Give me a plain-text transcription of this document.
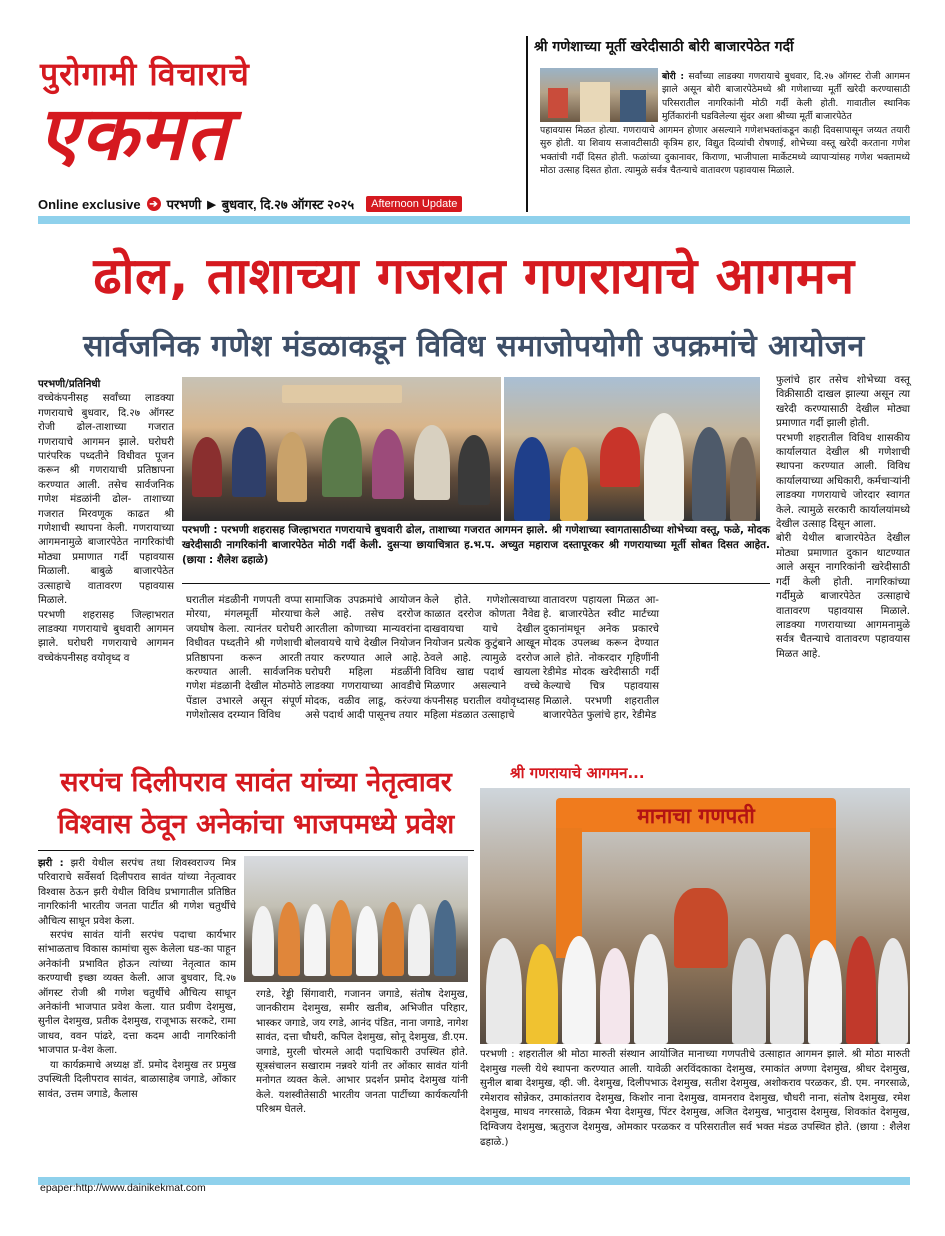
पुरोगामी विचाराचे
एकमत
Online exclusive ➔ परभणी ▶ बुधवार, दि.२७ ऑगस्ट २०२५	Afternoon Update
श्री गणेशाच्या मूर्ती खरेदीसाठी बोरी बाजारपेठेत गर्दी
बोरी : सर्वांच्या लाडक्या गणरायाचे बुधवार, दि.२७ ऑगस्ट रोजी आगमन झाले असून बोरी बाजारपेठेमध्ये श्री गणेशाच्या मूर्ती खरेदी करण्यासाठी परिसरातील नागरिकांनी मोठी गर्दी केली होती. गावातील स्थानिक मुर्तिकारांनी घडविलेल्या सुंदर अशा श्रीच्या मूर्ती बाजारपेठेत
पहावयास मिळत होत्या. गणरायाचे आगमन होणार असल्याने गणेशभक्तांकडून काही दिवसापासून जय्यत तयारी सुरु होती. या शिवाय सजावटीसाठी कृत्रिम हार, विद्युत दिव्यांची रोषणाई, शोभेच्या वस्तू खरेदी करताना गणेश भक्तांची गर्दी दिसत होती. फळांच्या दुकानावर, किराणा, भाजीपाला मार्केटमध्ये व्यापाऱ्यांसह गणेश भक्तामध्ये मोठा उत्साह दिसत होता. त्यामुळे सर्वत्र चैतन्याचे वातावरण पहावयास मिळाले.
ढोल, ताशाच्या गजरात गणरायाचे आगमन
सार्वजनिक गणेश मंडळाकडून विविध समाजोपयोगी उपक्रमांचे आयोजन
परभणी/प्रतिनिधी
वच्चेकंपनीसह सर्वांच्या लाडक्या गणरायाचे बुधवार, दि.२७ ऑगस्ट रोजी ढोल-ताशाच्या गजरात गणरायाचे आगमन झाले. घरोघरी पारंपरिक पध्दतीने विधीवत पूजन करून श्री गणरायाची प्रतिष्ठापना करण्यात आली. तसेच सार्वजनिक गणेश मंडळांनी ढोल- ताशाच्या गजरात मिरवणूक काढत श्री गणेशाची स्थापना केली. गणरायाच्या आगमनामुळे बाजारपेठेत नागरिकांची मोठ्या प्रमाणात गर्दी पहावयास मिळाली. बाबुळे बाजारपेठेत उत्साहाचे वातावरण पहावयास मिळाले.
परभणी शहरासह जिल्हाभरात लाडक्या गणरायाचे बुधवारी आगमन झाले. घरोघरी गणरायाचे आगमन वच्चेकंपनीसह वयोवृध्द व
परभणी : परभणी शहरासह जिल्हाभरात गणरायाचे बुधवारी ढोल, ताशाच्या गजरात आगमन झाले. श्री गणेशाच्या स्वागतासाठीच्या शोभेच्या वस्तू, फळे, मोदक खरेदीसाठी नागरिकांनी बाजारपेठेत मोठी गर्दी केली. दुसऱ्या छायाचित्रात ह.भ.प. अच्युत महाराज दस्तापूरकर श्री गणरायाच्या मूर्ती सोबत दिसत आहेत. (छाया : शैलेश ढहाळे)
घरातील मंडळीनी गणपती वप्पा मोरया, मंगलमूर्ती मोरयाचा जयघोष केला. त्यानंतर घरोघरी विधीवत पध्दतीने श्री गणेशाची प्रतिष्ठापना करून आरती करण्यात आली. सार्वजनिक गणेश मंडळानी देखील मोठमोठे पेंडाल उभारले असून संपूर्ण गणेशोत्सव दरम्यान विविध
सामाजिक उपक्रमांचे आयोजन केले आहे. तसेच दररोज आरतीला कोणाच्या मान्यवरांना बोलवायचे याचे देखील नियोजन तयार करण्यात आले आहे. घरोघरी महिला मंडळींनी लाडक्या गणरायाच्या आवडीचे मोदक, वळीव लाडू, करंज्या असे पदार्थ आदी पासूनच तयार
केले होते. गणेशोत्सवाच्या काळात दररोज कोणता नैवेद्य दाखवायचा याचे देखील नियोजन प्रत्येक कुटुंबाने आखून ठेवले आहे. त्यामुळे दररोज विविध खाद्य पदार्थ खायला मिळणार असल्याने वच्चे कंपनीसह घरातील वयोवृध्दासह महिला मंडळात उत्साहाचे
वातावरण पहायला मिळत आ-हे. बाजारपेठेत स्वीट मार्टच्या दुकानांमधून अनेक प्रकारचे मोदक उपलब्ध करून देण्यात आले होते. नोकरदार गृहिणींनी रेडीमेड मोदक खरेदीसाठी गर्दी केल्याचे चित्र पहावयास मिळाले. परभणी शहरातील बाजारपेठेत फुलांचे हार, रेडीमेड
फुलांचे हार तसेच शोभेच्या वस्तू विक्रीसाठी दाखल झाल्या असून त्या खरेदी करण्यासाठी देखील मोठ्या प्रमाणात गर्दी झाली होती.
परभणी शहरातील विविध शासकीय कार्यालयात देखील श्री गणेशाची स्थापना करण्यात आली. विविध कार्यालयाच्या अधिकारी, कर्मचाऱ्यांनी लाडक्या गणरायाचे जोरदार स्वागत केले. त्यामुळे सरकारी कार्यालयांमध्ये देखील उत्साह दिसून आला.
बोरी येथील बाजारपेठेत देखील मोठ्या प्रमाणात दुकान थाटण्यात आले असून नागरिकांनी खरेदीसाठी गर्दी केली होती. नागरिकांच्या गर्दीमुळे बाजारपेठेत उत्साहाचे वातावरण पहावयास मिळाले. लाडक्या गणरायाच्या आगमनामुळे सर्वत्र चैतन्याचे वातावरण पहावयास मिळत आहे.
सरपंच दिलीपराव सावंत यांच्या नेतृत्वावर
विश्वास ठेवून अनेकांचा भाजपमध्ये प्रवेश
झरी : झरी येथील सरपंच तथा शिवस्वराज्य मित्र परिवाराचे सर्वेसर्वा दिलीपराव सावंत यांच्या नेतृत्वावर विश्वास ठेऊन झरी येथील विविध प्रभागातील प्रतिष्ठित नागरिकांनी भारतीय जनता पार्टीत श्री गणेश चतुर्थीचे औचित्य साधून प्रवेश केला.
सरपंच सावंत यांनी सरपंच पदाचा कार्यभार सांभाळताच विकास कामांचा सुरू केलेला धड-का पाहून अनेकांनी प्रभावित होऊन त्यांच्या नेतृत्वात काम करण्याची इच्छा व्यक्त केली. आज बुधवार, दि.२७ ऑगस्ट रोजी श्री गणेश चतुर्थीचे औचित्य साधून अनेकांनी भाजपात प्रवेश केला. यात प्रवीण देशमुख, सुनील देशमुख, प्रतीक देशमुख, राजूभाऊ सरकटे, रामा जाधव, ववन पांढरे, दत्ता कदम आदी नागरिकांनी भाजपात प्र-वेश केला.
या कार्यक्रमाचे अध्यक्ष डॉ. प्रमोद देशमुख तर प्रमुख उपस्थिती दिलीपराव सावंत, बाळासाहेब जगाडे, ओंकार सावंत, उत्तम जगाडे, कैलास
रगडे, रेड्डी सिंगावारी, गजानन जगाडे, संतोष देशमुख, जानकीराम देशमुख, समीर खतीब, अभिजीत परिहार, भास्कर जगाडे, जय रगडे, आनंद पंडित, नाना जगाडे, नागेश सावंत, दत्ता चौधरी, कपिल देशमुख, सोनू देशमुख, डी.एम. जगाडे, मुरली चोरमले आदी पदाधिकारी उपस्थित होते. सूत्रसंचालन सखाराम नन्नवरे यांनी तर ओंकार सावंत यांनी मनोगत व्यक्त केले. आभार प्रदर्शन प्रमोद देशमुख यांनी केले. यशस्वीतेसाठी भारतीय जनता पार्टीच्या कार्यकर्त्यांनी परिश्रम घेतले.
श्री गणरायाचे आगमन...
मानाचा गणपती
परभणी : शहरातील श्री मोठा मारुती संस्थान आयोजित मानाच्या गणपतीचे उत्साहात आगमन झाले. श्री मोठा मारुती देशमुख गल्ली येथे स्थापना करण्यात आली. यावेळी अरविंदकाका देशमुख, रमाकांत अण्णा देशमुख, श्रीधर देशमुख, सुनील बाबा देशमुख, व्ही. जी. देशमुख, दिलीपभाऊ देशमुख, सतीश देशमुख, अशोकराव परळकर, डी. एम. नगरसाळे, रमेशराव सोन्नेकर, उमाकांतराव देशमुख, किशोर नाना देशमुख, वामनराव देशमुख, चौधरी नाना, संतोष देशमुख, रमेश देशमुख, माधव नगरसाळे, विक्रम भैया देशमुख, पिंटर देशमुख, अजित देशमुख, भानुदास देशमुख, शिवकांत देशमुख, दिग्विजय देशमुख, ऋतुराज देशमुख, ओमकार परळकर व परिसरातील सर्व भक्त मंडळ उपस्थित होते. (छाया : शैलेश ढहाळे.)
epaper:http://www.dainikekmat.com
